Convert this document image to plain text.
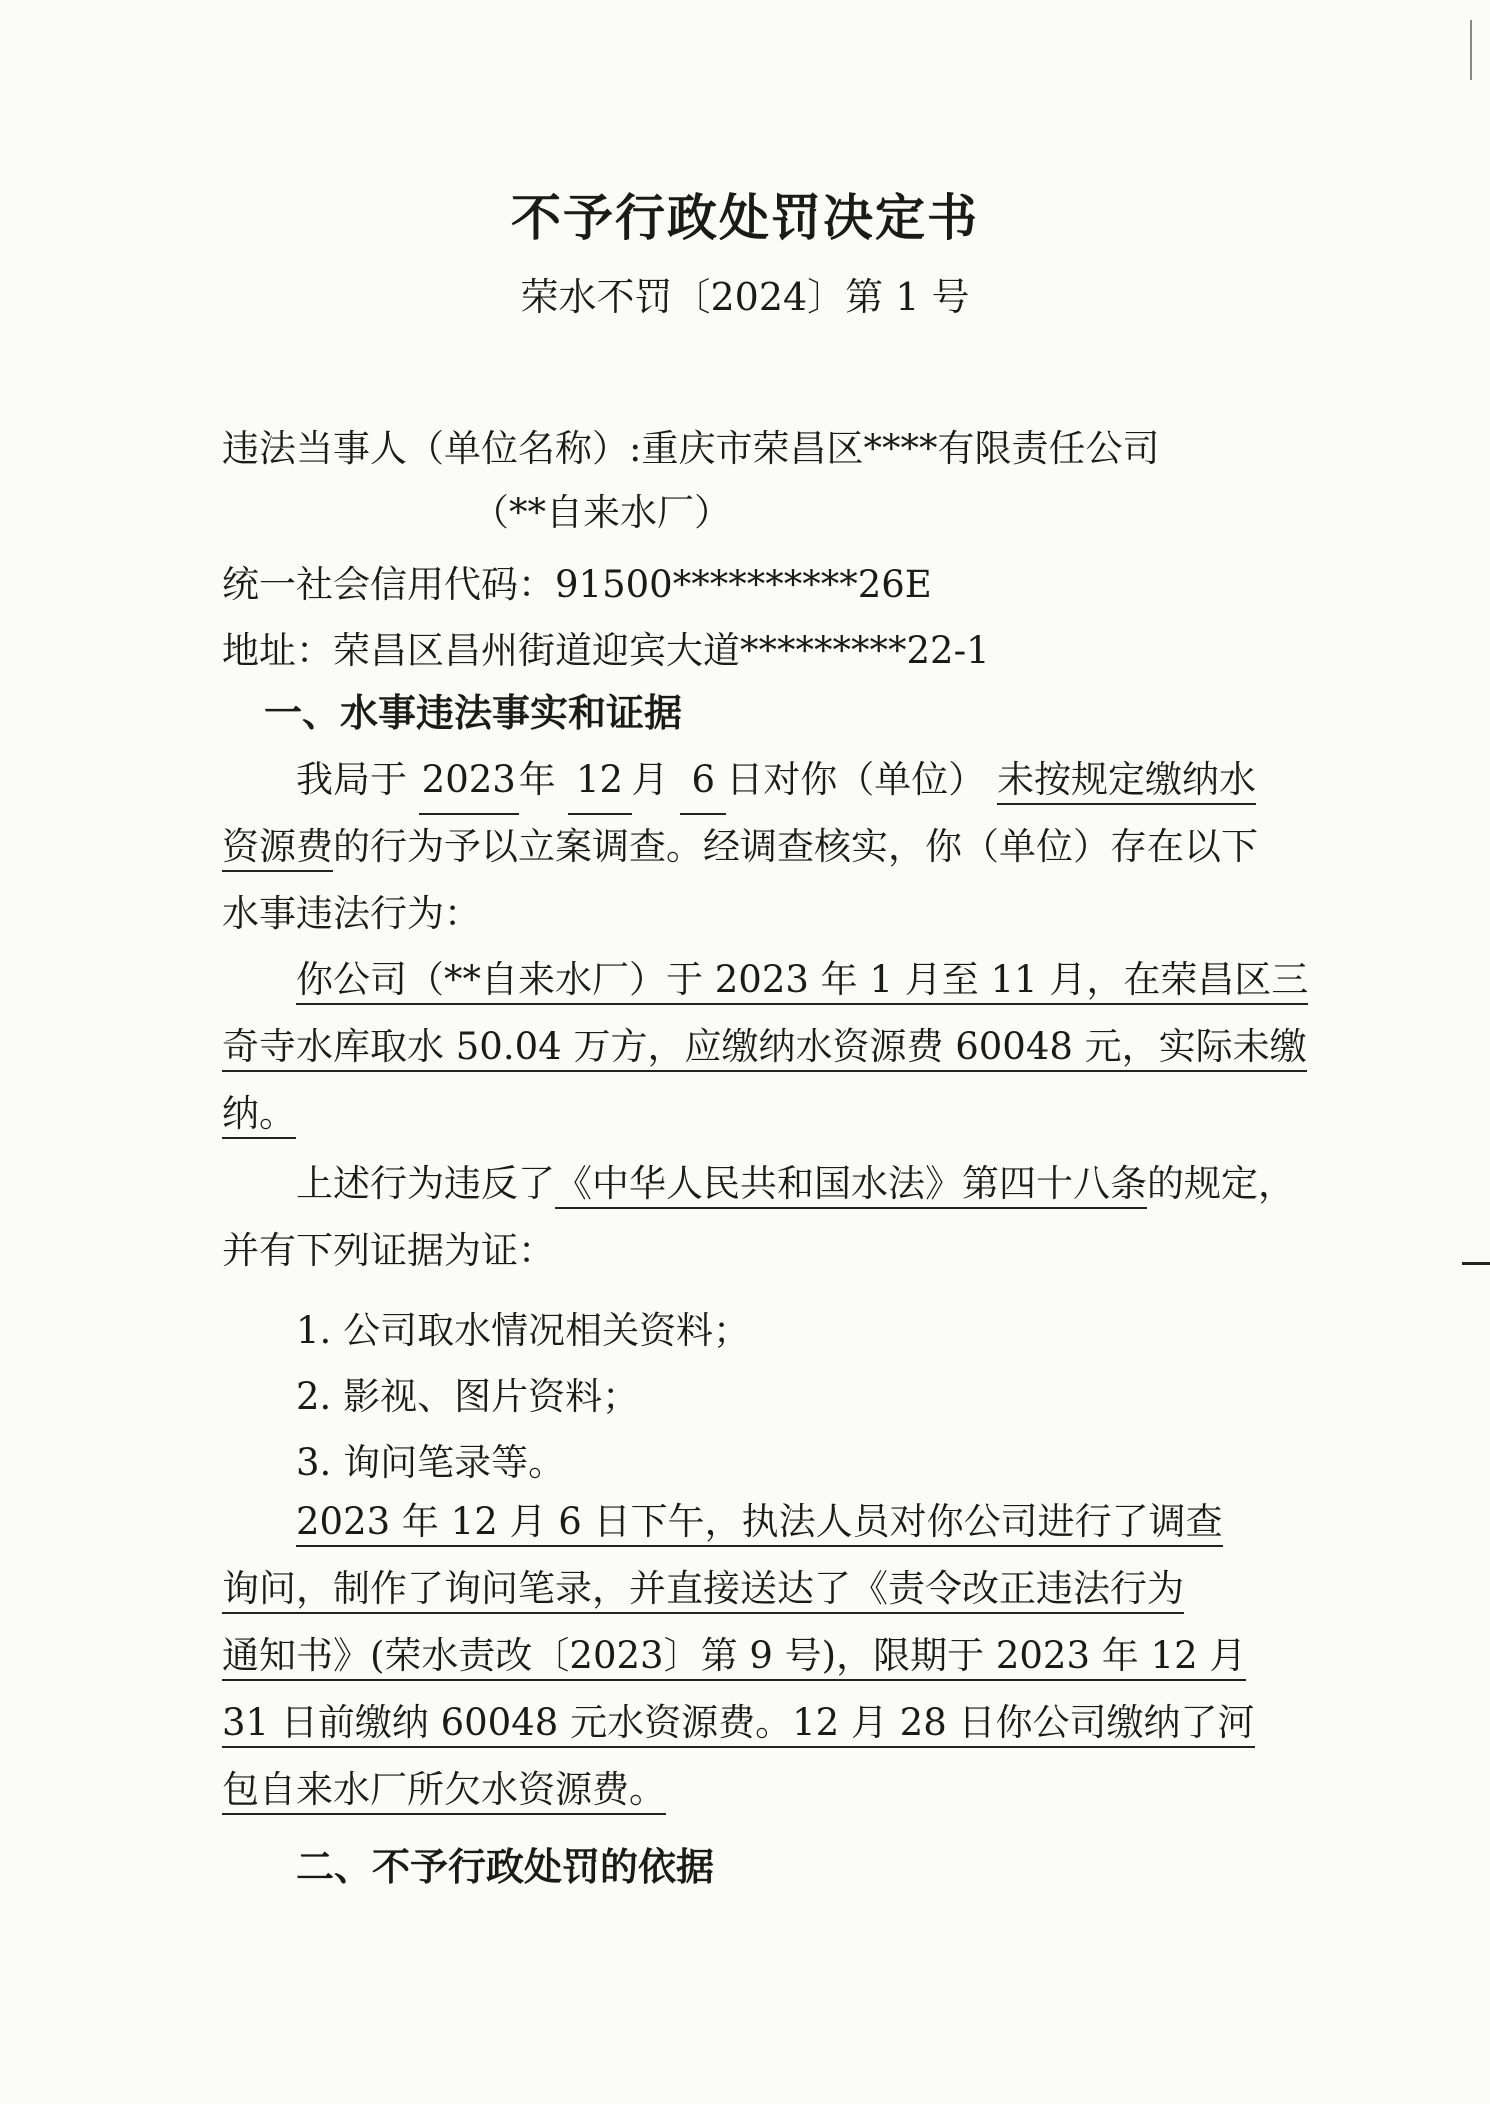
不予行政处罚决定书
荣水不罚〔2024〕第 1 号
违法当事人（单位名称）:重庆市荣昌区****有限责任公司
（**自来水厂）
统一社会信用代码：91500**********26E
地址：荣昌区昌州街道迎宾大道*********22-1
一、水事违法事实和证据
我局于 2023年 12 月 6 日对你（单位） 未按规定缴纳水
资源费的行为予以立案调查。经调查核实，你（单位）存在以下
水事违法行为：
你公司（**自来水厂）于 2023 年 1 月至 11 月，在荣昌区三
奇寺水库取水 50.04 万方，应缴纳水资源费 60048 元，实际未缴
纳。
上述行为违反了《中华人民共和国水法》第四十八条的规定，
并有下列证据为证：
1. 公司取水情况相关资料；
2. 影视、图片资料；
3. 询问笔录等。
2023 年 12 月 6 日下午，执法人员对你公司进行了调查
询问，制作了询问笔录，并直接送达了《责令改正违法行为
通知书》(荣水责改〔2023〕第 9 号)，限期于 2023 年 12 月
31 日前缴纳 60048 元水资源费。12 月 28 日你公司缴纳了河
包自来水厂所欠水资源费。
二、不予行政处罚的依据
